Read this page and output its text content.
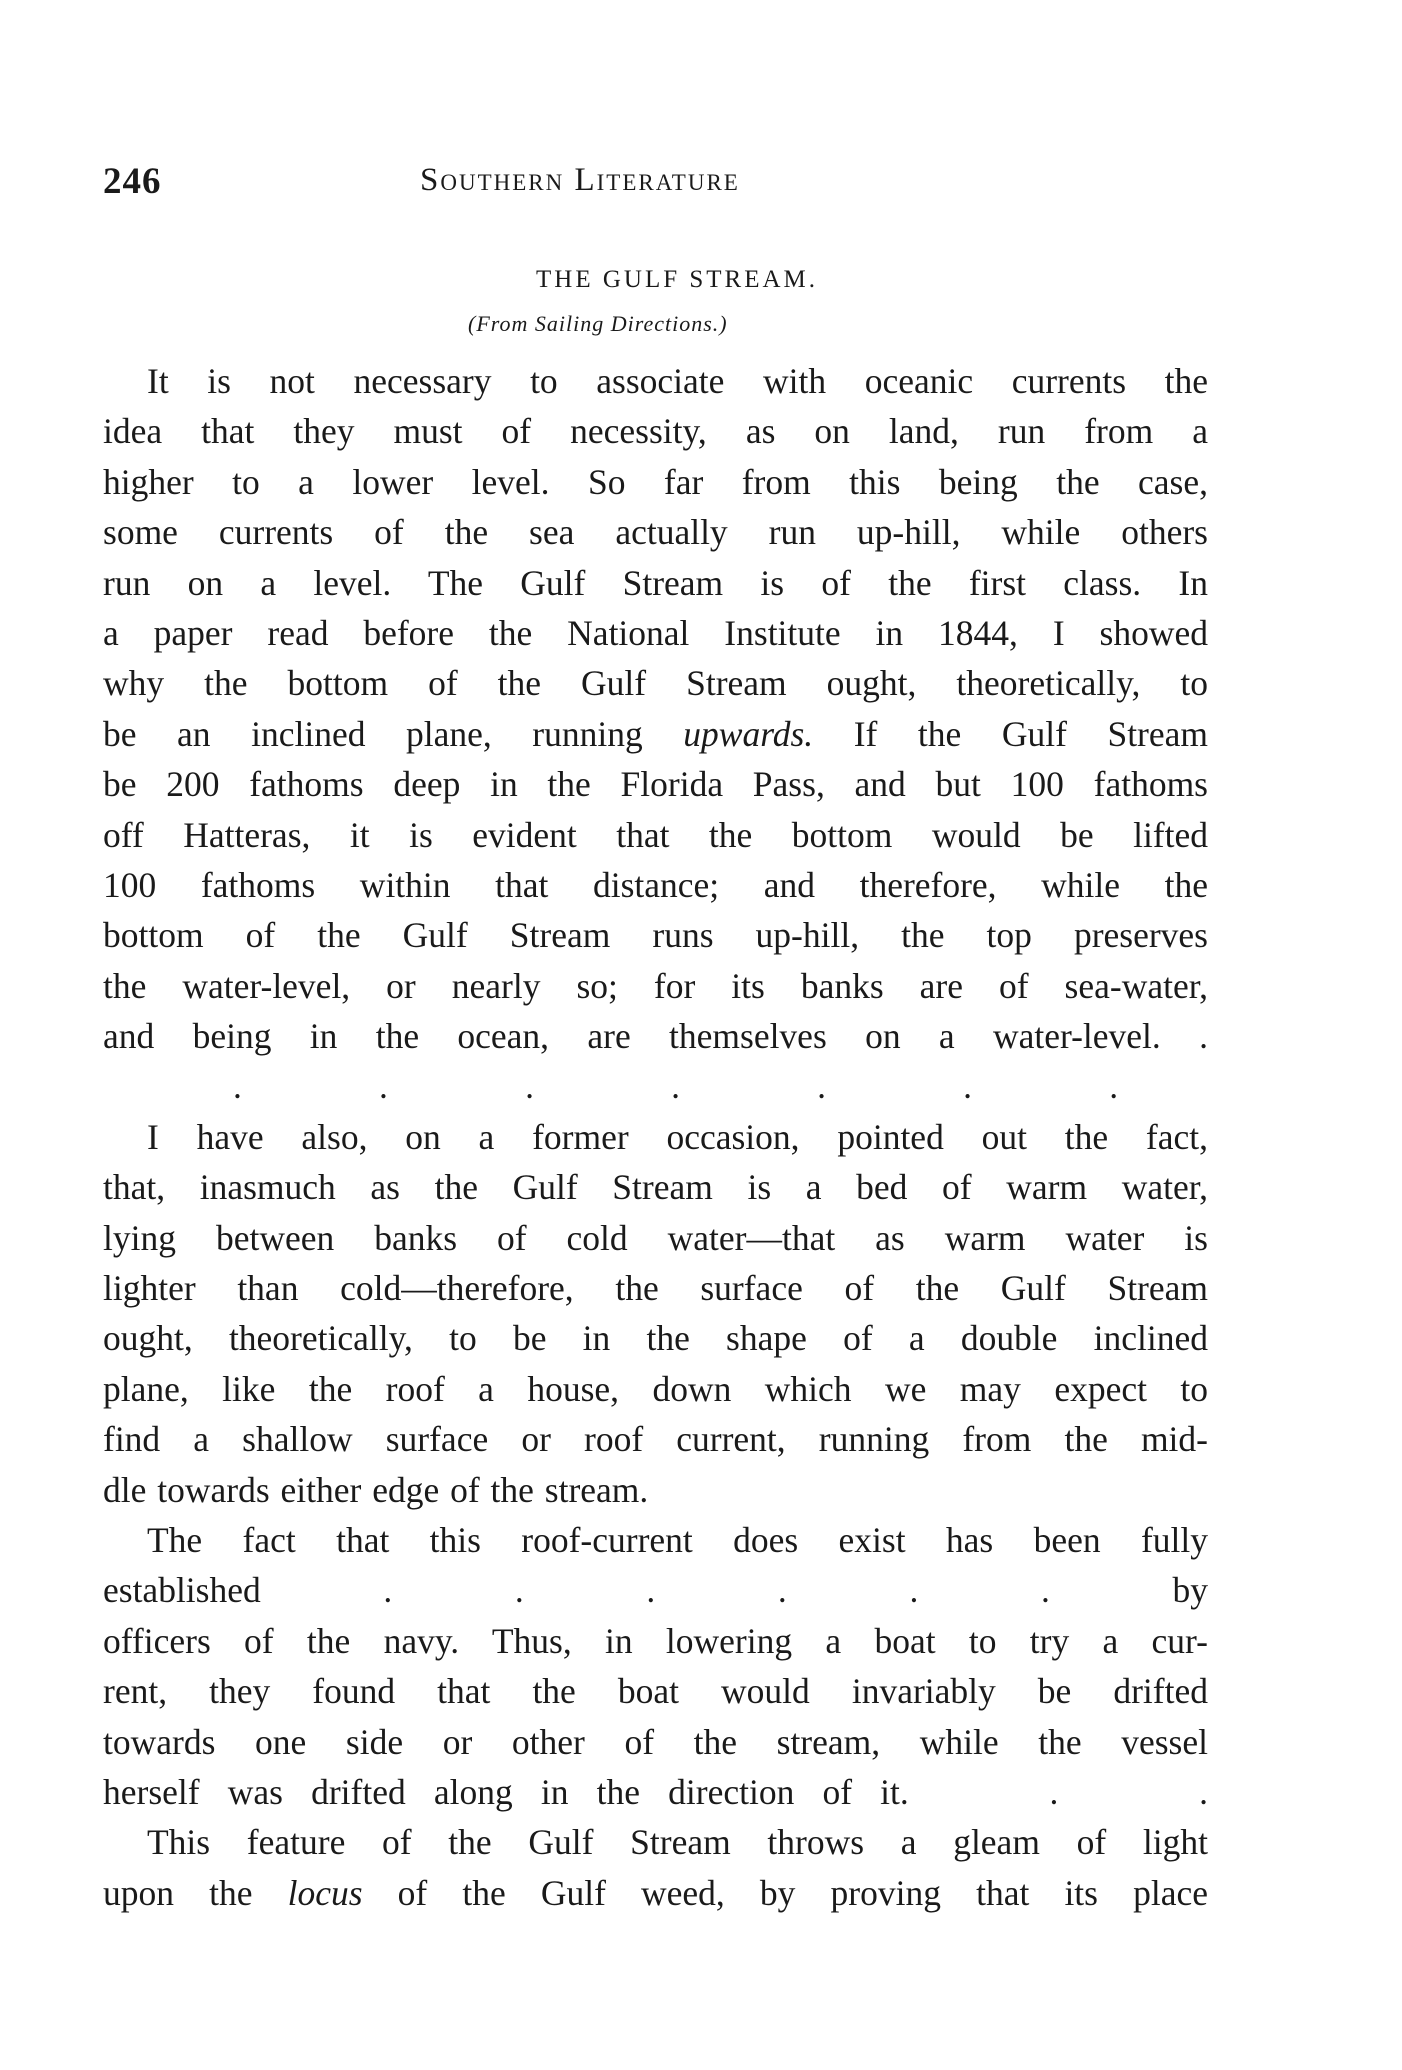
246	Southern Literature
THE GULF STREAM.
(From Sailing Directions.)
It is not necessary to associate with oceanic currents the
idea that they must of necessity, as on land, run from a
higher to a lower level. So far from this being the case,
some currents of the sea actually run up-hill, while others
run on a level. The Gulf Stream is of the first class. In
a paper read before the National Institute in 1844, I showed
why the bottom of the Gulf Stream ought, theoretically, to
be an inclined plane, running upwards. If the Gulf Stream
be 200 fathoms deep in the Florida Pass, and but 100 fathoms
off Hatteras, it is evident that the bottom would be lifted
100 fathoms within that distance; and therefore, while the
bottom of the Gulf Stream runs up-hill, the top preserves
the water-level, or nearly so; for its banks are of sea-water,
and being in the ocean, are themselves on a water-level. .
.	.	.	.	.	.	.
I have also, on a former occasion, pointed out the fact,
that, inasmuch as the Gulf Stream is a bed of warm water,
lying between banks of cold water—that as warm water is
lighter than cold—therefore, the surface of the Gulf Stream
ought, theoretically, to be in the shape of a double inclined
plane, like the roof a house, down which we may expect to
find a shallow surface or roof current, running from the mid-
dle towards either edge of the stream.
The fact that this roof-current does exist has been fully
established     .     .     .     .     .     .     by
officers of the navy. Thus, in lowering a boat to try a cur-
rent, they found that the boat would invariably be drifted
towards one side or other of the stream, while the vessel
herself was drifted along in the direction of it.     .     .
This feature of the Gulf Stream throws a gleam of light
upon the locus of the Gulf weed, by proving that its place
